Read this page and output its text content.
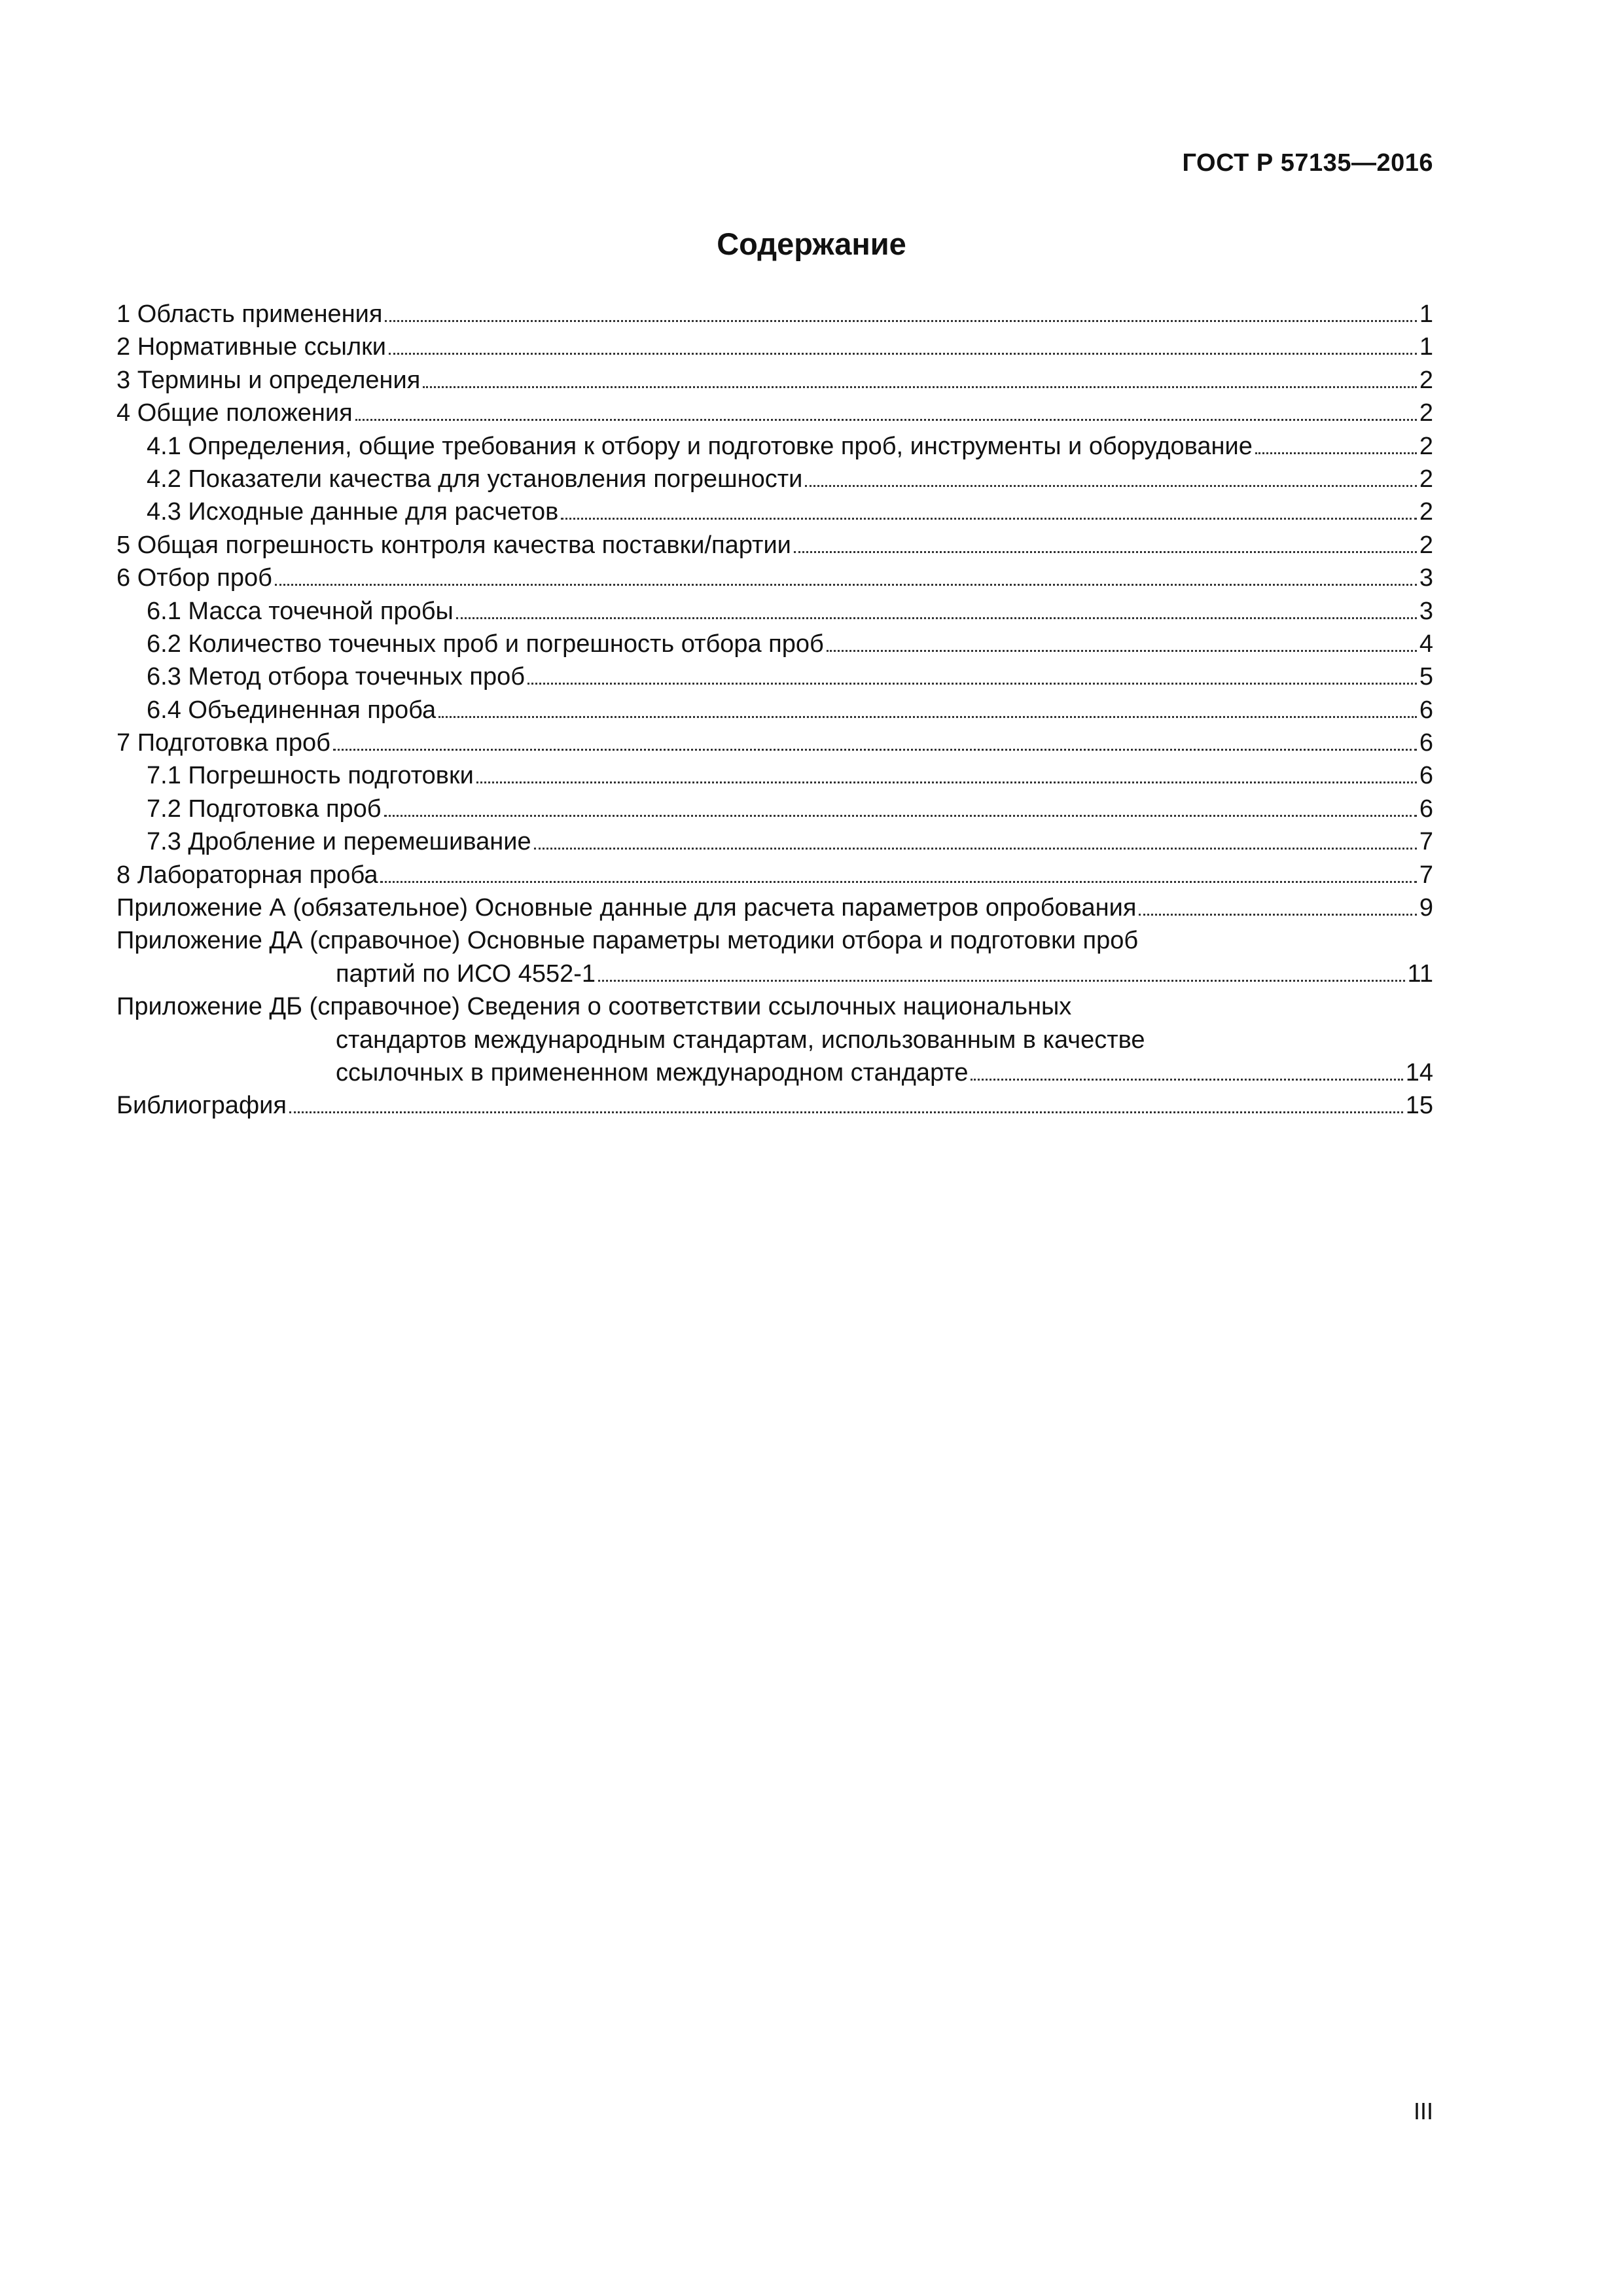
ГОСТ Р 57135—2016
Содержание
1 Область применения	1
2 Нормативные ссылки	1
3 Термины и определения	2
4 Общие положения	2
4.1 Определения, общие требования к отбору и подготовке проб, инструменты и оборудование	2
4.2 Показатели качества для установления погрешности	2
4.3 Исходные данные для расчетов	2
5 Общая погрешность контроля качества поставки/партии	2
6 Отбор проб	3
6.1 Масса точечной пробы	3
6.2 Количество точечных проб и погрешность отбора проб	4
6.3 Метод отбора точечных проб	5
6.4 Объединенная проба	6
7 Подготовка проб	6
7.1 Погрешность подготовки	6
7.2 Подготовка проб	6
7.3 Дробление и перемешивание	7
8 Лабораторная проба	7
Приложение А (обязательное) Основные данные для расчета параметров опробования	9
Приложение ДА (справочное) Основные параметры методики отбора и подготовки проб
партий по ИСО 4552-1	11
Приложение ДБ (справочное) Сведения о соответствии ссылочных национальных
стандартов международным стандартам, использованным в качестве
ссылочных в примененном международном стандарте	14
Библиография	15
III
